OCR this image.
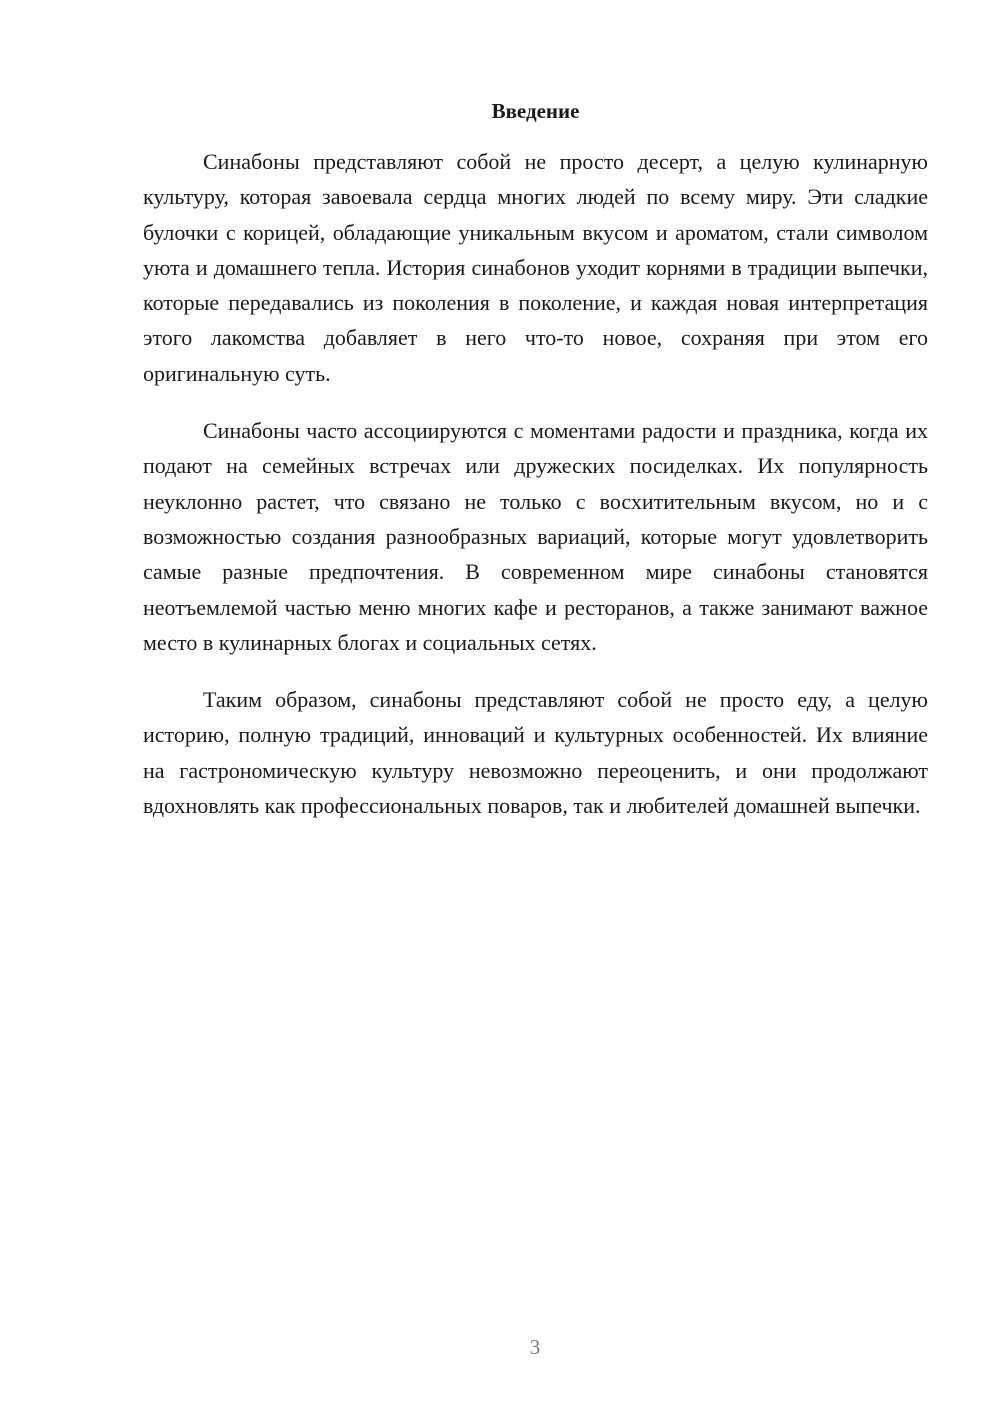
Введение

Синабоны представляют собой не просто десерт, а целую кулинарную культуру, которая завоевала сердца многих людей по всему миру. Эти сладкие булочки с корицей, обладающие уникальным вкусом и ароматом, стали символом уюта и домашнего тепла. История синабонов уходит корнями в традиции выпечки, которые передавались из поколения в поколение, и каждая новая интерпретация этого лакомства добавляет в него что-то новое, сохраняя при этом его оригинальную суть.

Синабоны часто ассоциируются с моментами радости и праздника, когда их подают на семейных встречах или дружеских посиделках. Их популярность неуклонно растет, что связано не только с восхитительным вкусом, но и с возможностью создания разнообразных вариаций, которые могут удовлетворить самые разные предпочтения. В современном мире синабоны становятся неотъемлемой частью меню многих кафе и ресторанов, а также занимают важное место в кулинарных блогах и социальных сетях.

Таким образом, синабоны представляют собой не просто еду, а целую историю, полную традиций, инноваций и культурных особенностей. Их влияние на гастрономическую культуру невозможно переоценить, и они продолжают вдохновлять как профессиональных поваров, так и любителей домашней выпечки.

3
